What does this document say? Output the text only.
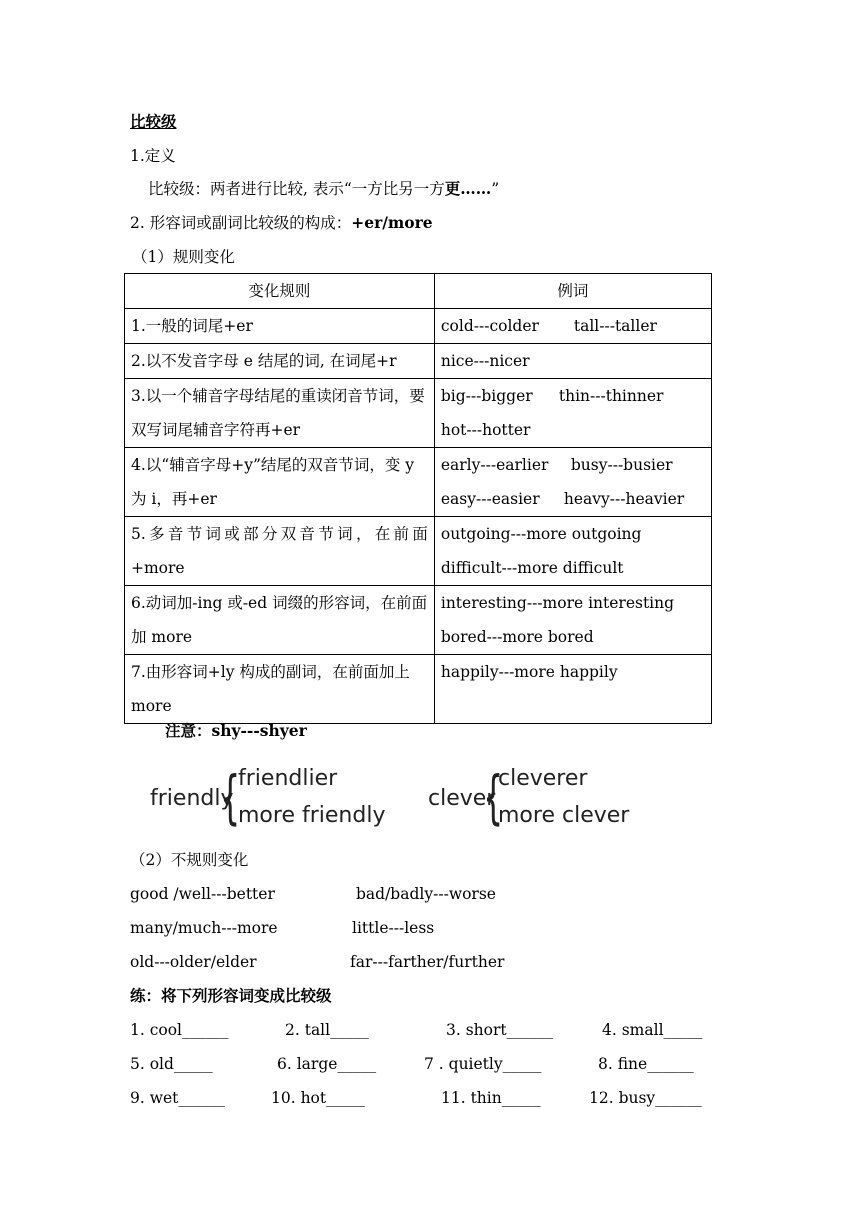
比较级
1.定义
比较级：两者进行比较, 表示“一方比另一方更……”
2. 形容词或副词比较级的构成：+er/more
（1）规则变化
变化规则	例词
1.一般的词尾+er	cold---colder tall---taller

2.以不发音字母 e 结尾的词, 在词尾+r	nice---nicer

3.以一个辅音字母结尾的重读闭音节词，要双写词尾辅音字符再+er	big---bigger thin---thinner
hot---hotter

4.以“辅音字母+y”结尾的双音节词，变 y 为 i，再+er	early---earlier busy---busier
easy---easier heavy---heavier

5.多音节词或部分双音节词，在前面+more	outgoing---more outgoing
difficult---more difficult

6.动词加-ing 或-ed 词缀的形容词，在前面加 more	interesting---more interesting
bored---more bored

7.由形容词+ly 构成的副词，在前面加上 more	happily---more happily
注意：shy---shyer
friendly
{
friendlier
more friendly
clever
{
cleverer
more clever
（2）不规则变化
good /well---better	bad/badly---worse
many/much---more	little---less
old---older/elder	far---farther/further
练：将下列形容词变成比较级
1. cool______	2. tall_____	3. short______	4. small_____
5. old_____	6. large_____	7 . quietly_____	8. fine______
9. wet______	10. hot_____	11. thin_____	12. busy______
